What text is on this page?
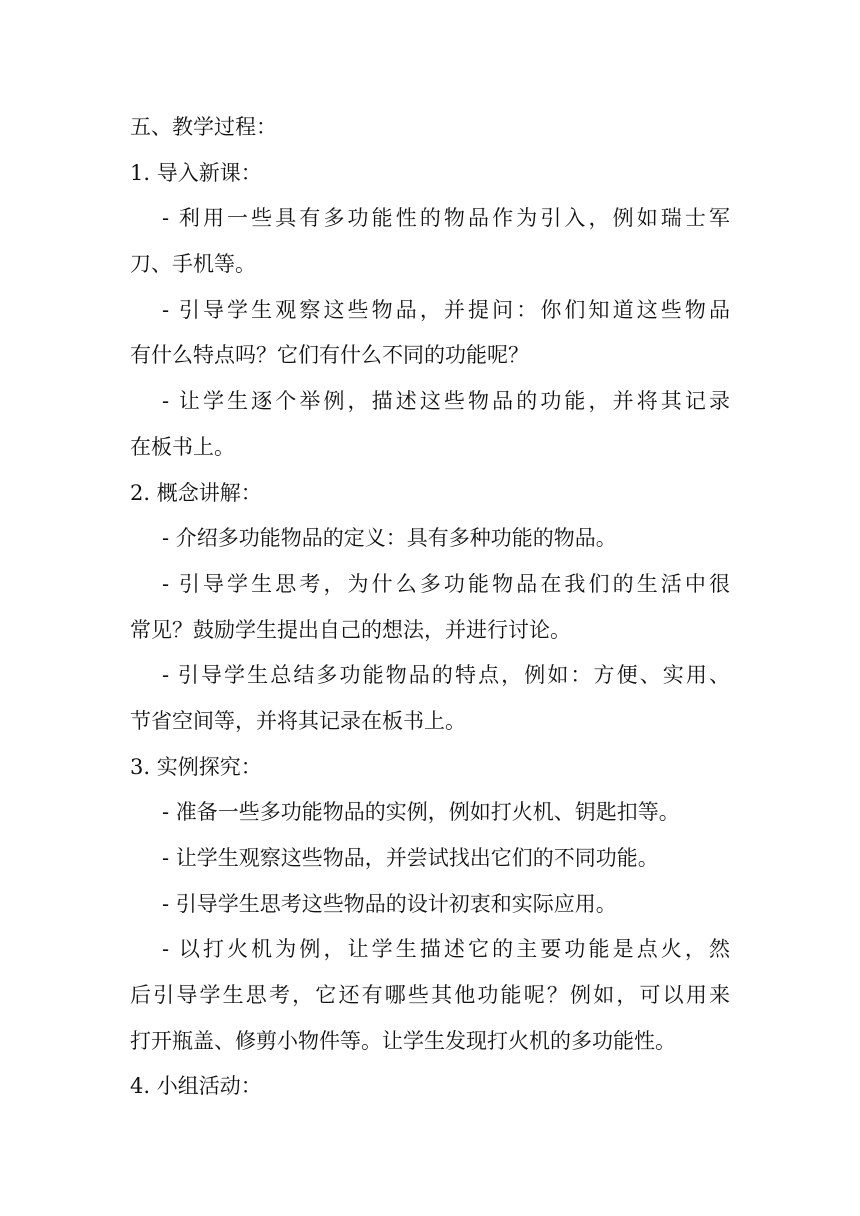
五、教学过程：
1. 导入新课：
- 利用一些具有多功能性的物品作为引入，例如瑞士军
刀、手机等。
- 引导学生观察这些物品，并提问：你们知道这些物品
有什么特点吗？它们有什么不同的功能呢？
- 让学生逐个举例，描述这些物品的功能，并将其记录
在板书上。
2. 概念讲解：
- 介绍多功能物品的定义：具有多种功能的物品。
- 引导学生思考，为什么多功能物品在我们的生活中很
常见？鼓励学生提出自己的想法，并进行讨论。
- 引导学生总结多功能物品的特点，例如：方便、实用、
节省空间等，并将其记录在板书上。
3. 实例探究：
- 准备一些多功能物品的实例，例如打火机、钥匙扣等。
- 让学生观察这些物品，并尝试找出它们的不同功能。
- 引导学生思考这些物品的设计初衷和实际应用。
- 以打火机为例，让学生描述它的主要功能是点火，然
后引导学生思考，它还有哪些其他功能呢？例如，可以用来
打开瓶盖、修剪小物件等。让学生发现打火机的多功能性。
4. 小组活动：
